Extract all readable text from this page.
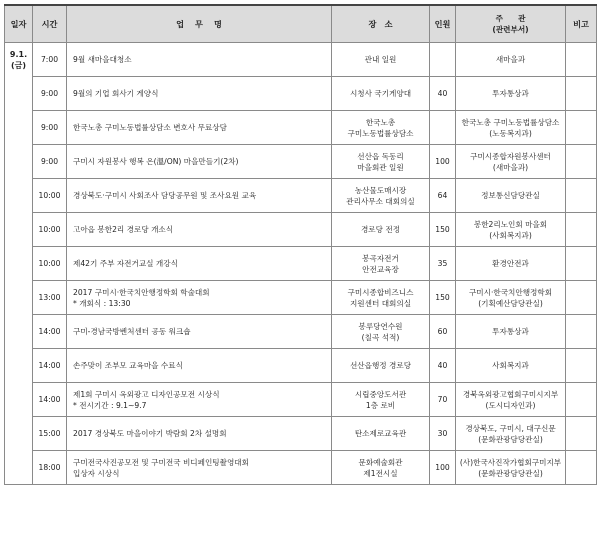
일자	시간	업　 무　 명	장　소	인원	주　　관
(관련부서)	비고

9.1.
(금)	7:00	9월 새마을대청소	관내 일원		새마을과	

	9:00	9월의 기업 회사기 게양식	시청사 국기게양대	40	투자통상과	

	9:00	한국노총 구미노동법률상담소 변호사 무료상담	한국노총
구미노동법률상담소		한국노총 구미노동법률상담소
(노동복지과)	

	9:00	구미시 자원봉사 행복 온(溫/ON) 마을만들기(2차)	선산읍 독동리
마을회관 일원	100	구미시종합자원봉사센터
(새마을과)	

	10:00	경상북도·구미시 사회조사 담당공무원 및 조사요원 교육	농산물도매시장
관리사무소 대회의실	64	정보통신담당관실	

	10:00	고아읍 봉한2리 경로당 개소식	경로당 전정	150	봉한2리노인회 마을회
(사회복지과)	

	10:00	제42기 주부 자전거교실 개강식	봉곡자전거
안전교육장	35	환경안전과	

	13:00	2017 구미시·한국치안행정학회 학술대회
* 개회식 : 13:30	구미시종합비즈니스
지원센터 대회의실	150	구미시·한국치안행정학회
(기획예산담당관실)	

	14:00	구미-경남국방벤처센터 공동 워크숍	봉루당연수원
(칠곡 석적)	60	투자통상과	

	14:00	손주맞이 조부모 교육마을 수료식	선산읍행정 경로당	40	사회복지과	

	14:00	제1회 구미시 옥외광고 디자인공모전 시상식
* 전시기간 : 9.1~9.7	시립중앙도서관
1층 로비	70	경북옥외광고협회구미시지부
(도시디자인과)	

	15:00	2017 경상북도 마을이야기 박람회 2차 설명회	탄소제로교육관	30	경상북도, 구미시, 대구신문
(문화관광담당관실)	

	18:00	구미전국사진공모전 및 구미전국 비디페인팅촬영대회
입상자 시상식	문화예술회관
제1전시실	100	(사)한국사진작가협회구미지부
(문화관광담당관실)	
